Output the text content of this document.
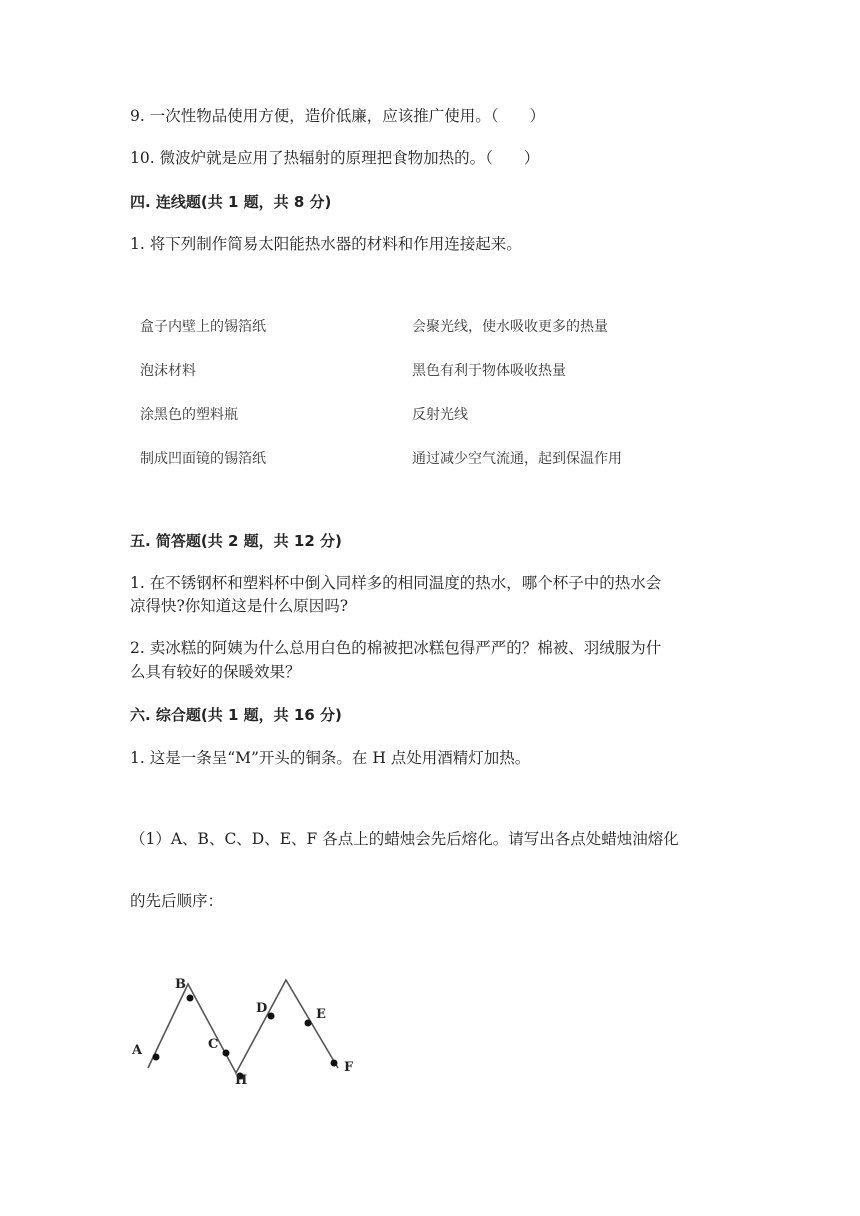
9. 一次性物品使用方便，造价低廉，应该推广使用。（　　）
10. 微波炉就是应用了热辐射的原理把食物加热的。（　　）
四. 连线题(共 1 题，共 8 分)
1. 将下列制作简易太阳能热水器的材料和作用连接起来。
盒子内壁上的锡箔纸
泡沫材料
涂黑色的塑料瓶
制成凹面镜的锡箔纸
会聚光线，使水吸收更多的热量
黑色有利于物体吸收热量
反射光线
通过减少空气流通，起到保温作用
五. 简答题(共 2 题，共 12 分)
1. 在不锈钢杯和塑料杯中倒入同样多的相同温度的热水，哪个杯子中的热水会
凉得快?你知道这是什么原因吗?
2. 卖冰糕的阿姨为什么总用白色的棉被把冰糕包得严严的？棉被、羽绒服为什
么具有较好的保暖效果？
六. 综合题(共 1 题，共 16 分)
1. 这是一条呈“M”开头的铜条。在 H 点处用酒精灯加热。
（1）A、B、C、D、E、F 各点上的蜡烛会先后熔化。请写出各点处蜡烛油熔化
的先后顺序：
A
B
C
H
D	E
F
